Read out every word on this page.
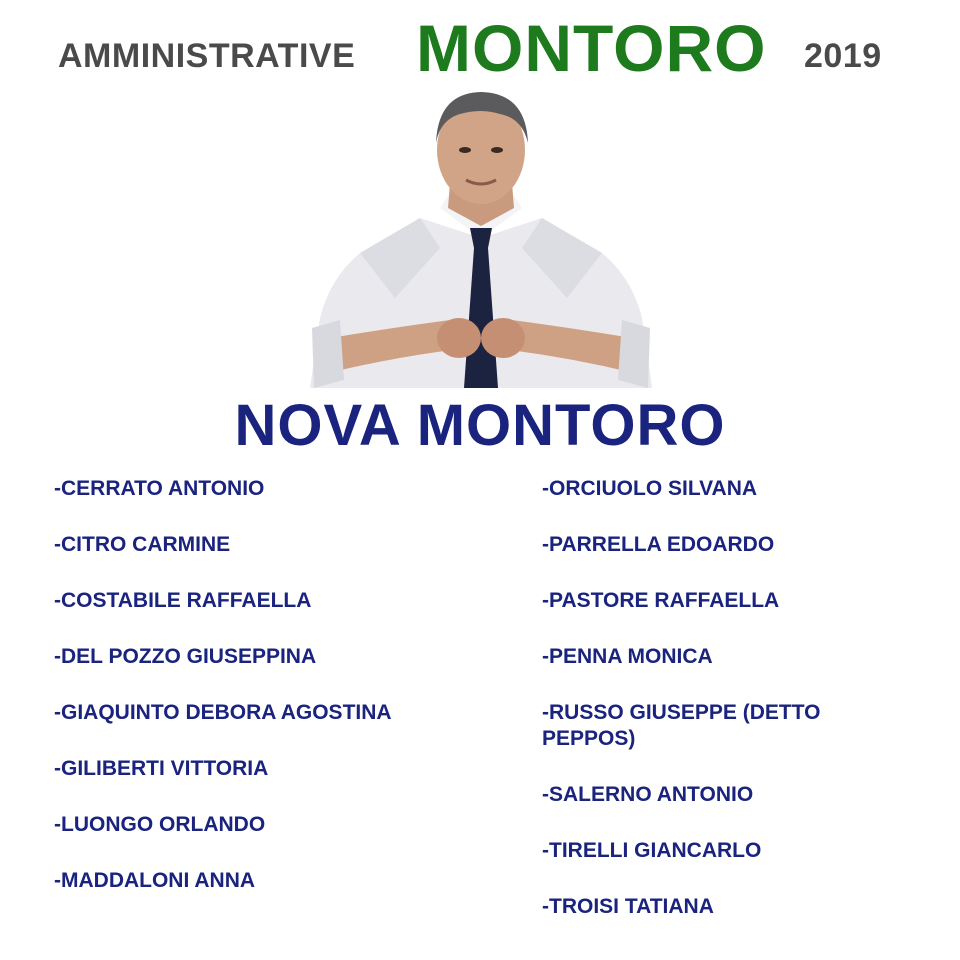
AMMINISTRATIVE MONTORO 2019
NOVA MONTORO
-CERRATO ANTONIO
-CITRO CARMINE
-COSTABILE RAFFAELLA
-DEL POZZO GIUSEPPINA
-GIAQUINTO DEBORA AGOSTINA
-GILIBERTI VITTORIA
-LUONGO ORLANDO
-MADDALONI ANNA
-ORCIUOLO SILVANA
-PARRELLA EDOARDO
-PASTORE RAFFAELLA
-PENNA MONICA
-RUSSO GIUSEPPE (DETTO PEPPOS)
-SALERNO ANTONIO
-TIRELLI GIANCARLO
-TROISI TATIANA
